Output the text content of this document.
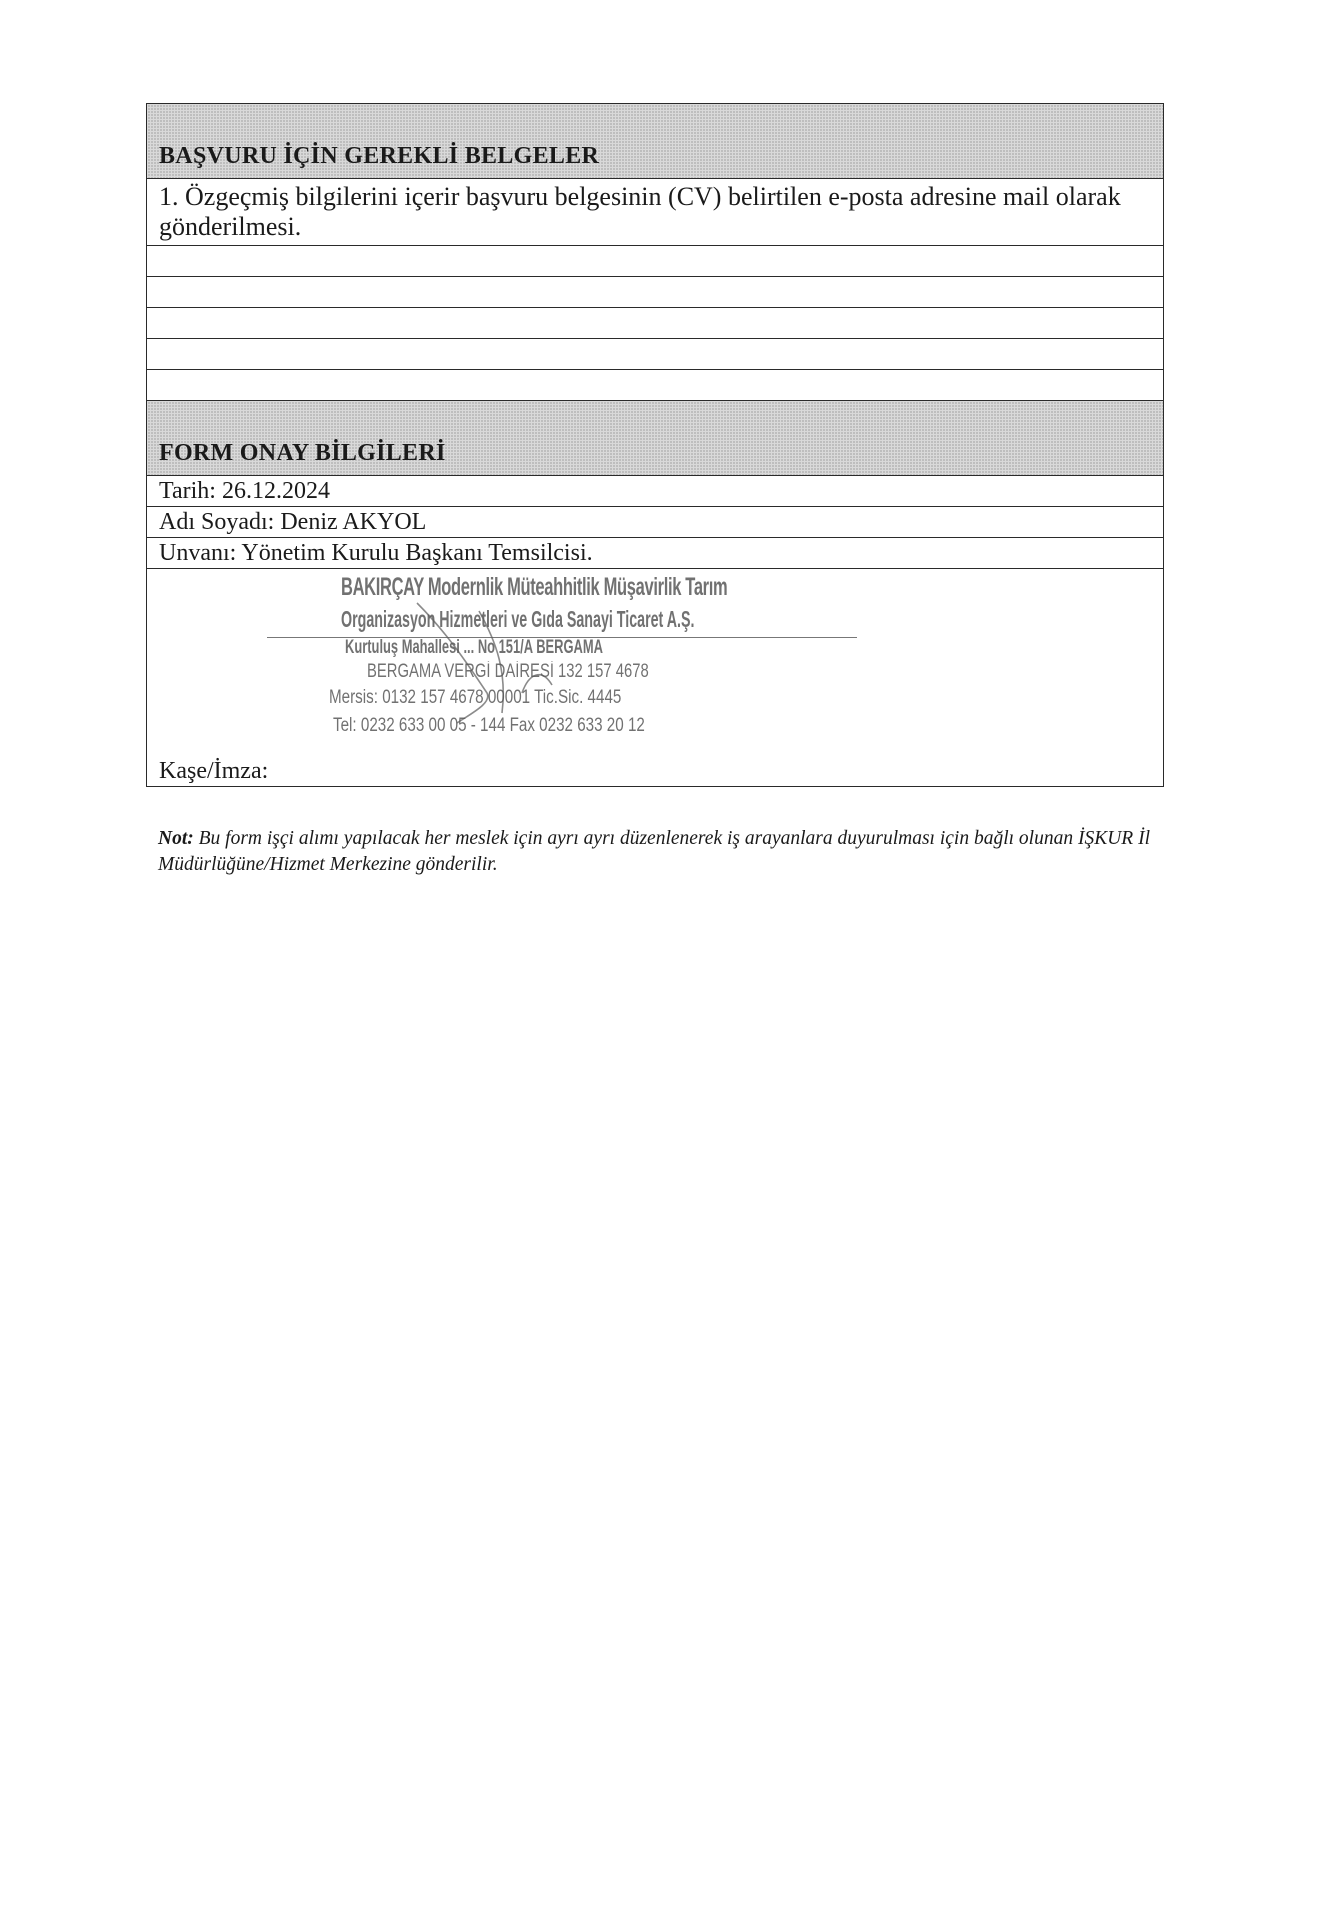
BAŞVURU İÇİN GEREKLİ BELGELER
1. Özgeçmiş bilgilerini içerir başvuru belgesinin (CV) belirtilen e-posta adresine mail olarak gönderilmesi.

FORM ONAY BİLGİLERİ
Tarih: 26.12.2024
Adı Soyadı: Deniz AKYOL
Unvanı: Yönetim Kurulu Başkanı Temsilcisi.

BAKIRÇAY Modernlik Müteahhitlik Müşavirlik Tarım
Organizasyon Hizmetleri ve Gıda Sanayi Ticaret A.Ş.
Kurtuluş Mahallesi ... No 151/A BERGAMA
BERGAMA VERGİ DAİRESİ 132 157 4678
Mersis: 0132 157 4678 00001 Tic.Sic. 4445
Tel: 0232 633 00 05 - 144 Fax 0232 633 20 12
Kaşe/İmza:
Not: Bu form işçi alımı yapılacak her meslek için ayrı ayrı düzenlenerek iş arayanlara duyurulması için bağlı olunan İŞKUR İl Müdürlüğüne/Hizmet Merkezine gönderilir.
